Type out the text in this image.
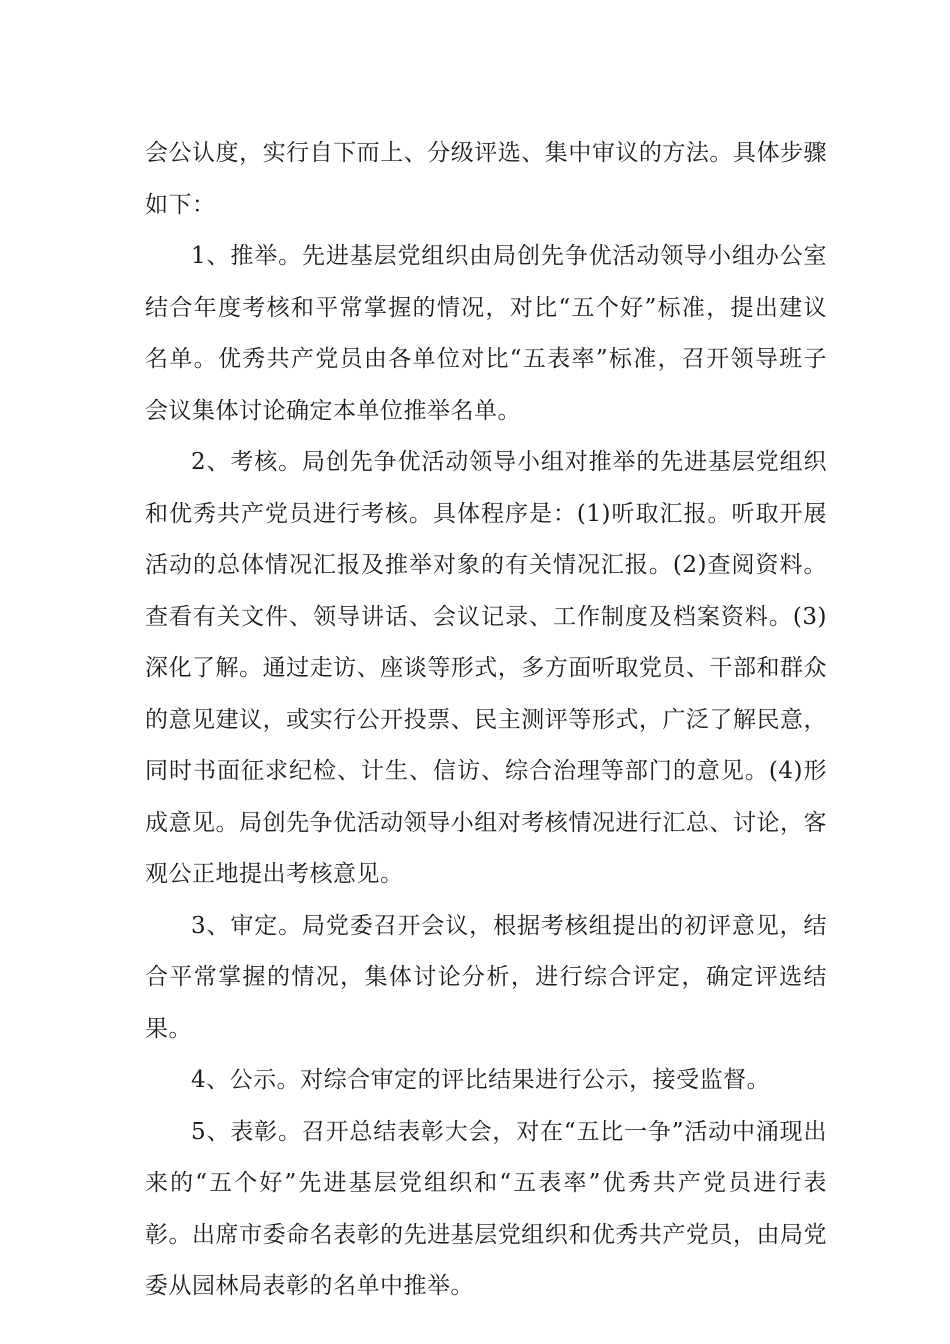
会公认度，实行自下而上、分级评选、集中审议的方法。具体步骤如下：

1、推举。先进基层党组织由局创先争优活动领导小组办公室结合年度考核和平常掌握的情况，对比“五个好”标准，提出建议名单。优秀共产党员由各单位对比“五表率”标准，召开领导班子会议集体讨论确定本单位推举名单。

2、考核。局创先争优活动领导小组对推举的先进基层党组织和优秀共产党员进行考核。具体程序是：(1)听取汇报。听取开展活动的总体情况汇报及推举对象的有关情况汇报。(2)查阅资料。查看有关文件、领导讲话、会议记录、工作制度及档案资料。(3)深化了解。通过走访、座谈等形式，多方面听取党员、干部和群众的意见建议，或实行公开投票、民主测评等形式，广泛了解民意，同时书面征求纪检、计生、信访、综合治理等部门的意见。(4)形成意见。局创先争优活动领导小组对考核情况进行汇总、讨论，客观公正地提出考核意见。

3、审定。局党委召开会议，根据考核组提出的初评意见，结合平常掌握的情况，集体讨论分析，进行综合评定，确定评选结果。

4、公示。对综合审定的评比结果进行公示，接受监督。

5、表彰。召开总结表彰大会，对在“五比一争”活动中涌现出来的“五个好”先进基层党组织和“五表率”优秀共产党员进行表彰。出席市委命名表彰的先进基层党组织和优秀共产党员，由局党委从园林局表彰的名单中推举。
